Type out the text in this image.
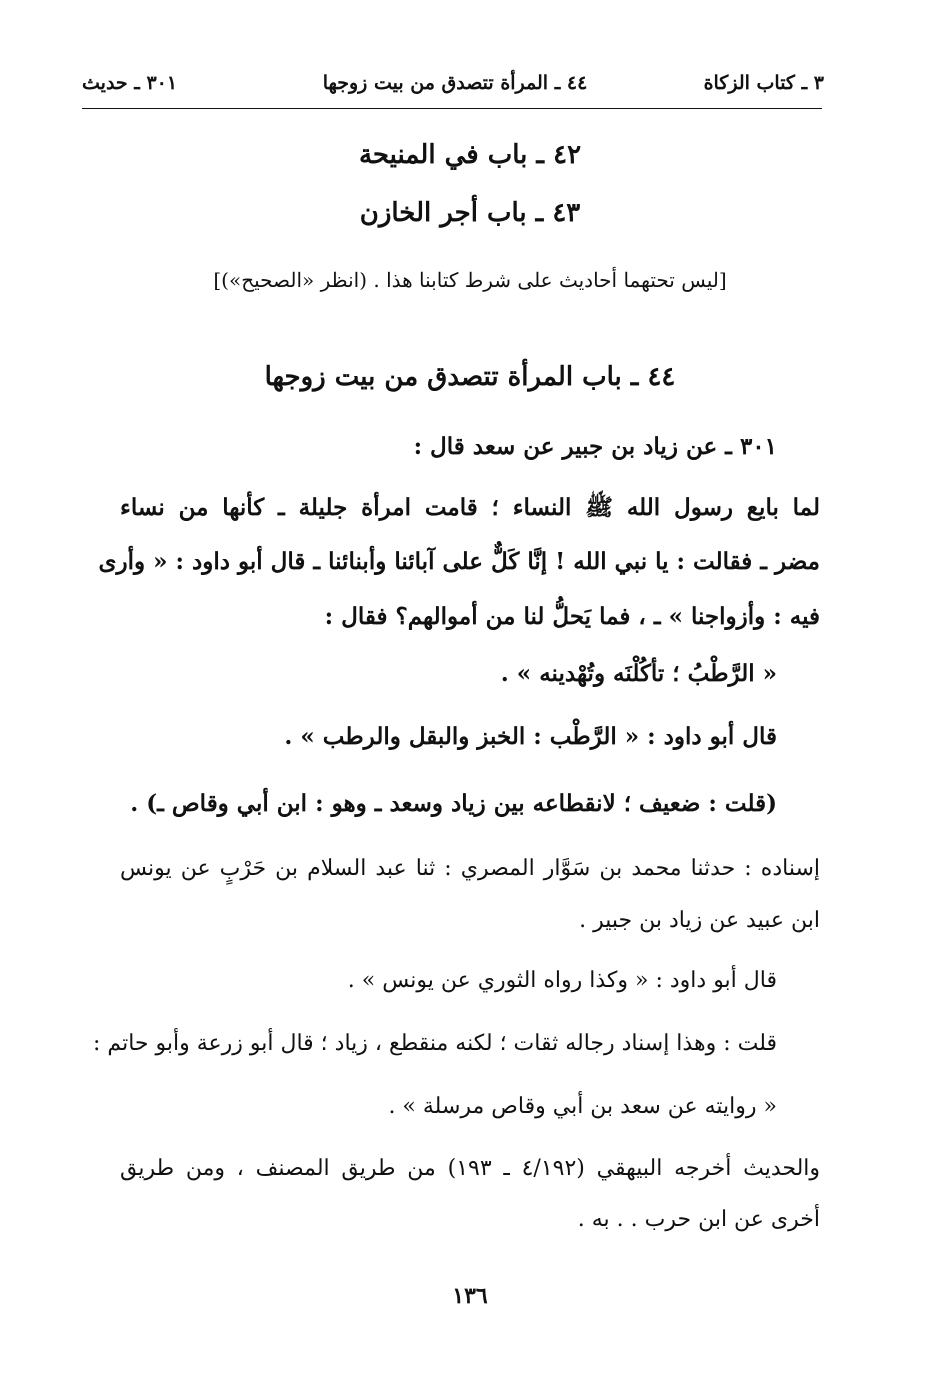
٣ ـ كتاب الزكاة

٤٤ ـ المرأة تتصدق من بيت زوجها

٣٠١ ـ حديث

٤٢ ـ باب في المنيحة
٤٣ ـ باب أجر الخازن

[ليس تحتهما أحاديث على شرط كتابنا هذا . (انظر «الصحيح»)]

٤٤ ـ باب المرأة تتصدق من بيت زوجها

٣٠١ ـ عن زياد بن جبير عن سعد قال :

لما بايع رسول الله ﷺ النساء ؛ قامت امرأة جليلة ـ كأنها من نساء

مضر ـ فقالت : يا نبي الله ! إنَّا كَلٌّ على آبائنا وأبنائنا ـ قال أبو داود : « وأرى

فيه : وأزواجنا » ـ ، فما يَحلُّ لنا من أموالهم؟ فقال :

« الرَّطْبُ ؛ تأكُلْنَه وتُهْدينه » .

قال أبو داود : « الرَّطْب : الخبز والبقل والرطب » .

(قلت : ضعيف ؛ لانقطاعه بين زياد وسعد ـ وهو : ابن أبي وقاص ـ) .

إسناده : حدثنا محمد بن سَوَّار المصري : ثنا عبد السلام بن حَرْبٍ عن يونس

ابن عبيد عن زياد بن جبير .

قال أبو داود : « وكذا رواه الثوري عن يونس » .

قلت : وهذا إسناد رجاله ثقات ؛ لكنه منقطع ، زياد ؛ قال أبو زرعة وأبو حاتم :

« روايته عن سعد بن أبي وقاص مرسلة » .

والحديث أخرجه البيهقي (٤/١٩٢ ـ ١٩٣) من طريق المصنف ، ومن طريق

أخرى عن ابن حرب . . به .

١٣٦
